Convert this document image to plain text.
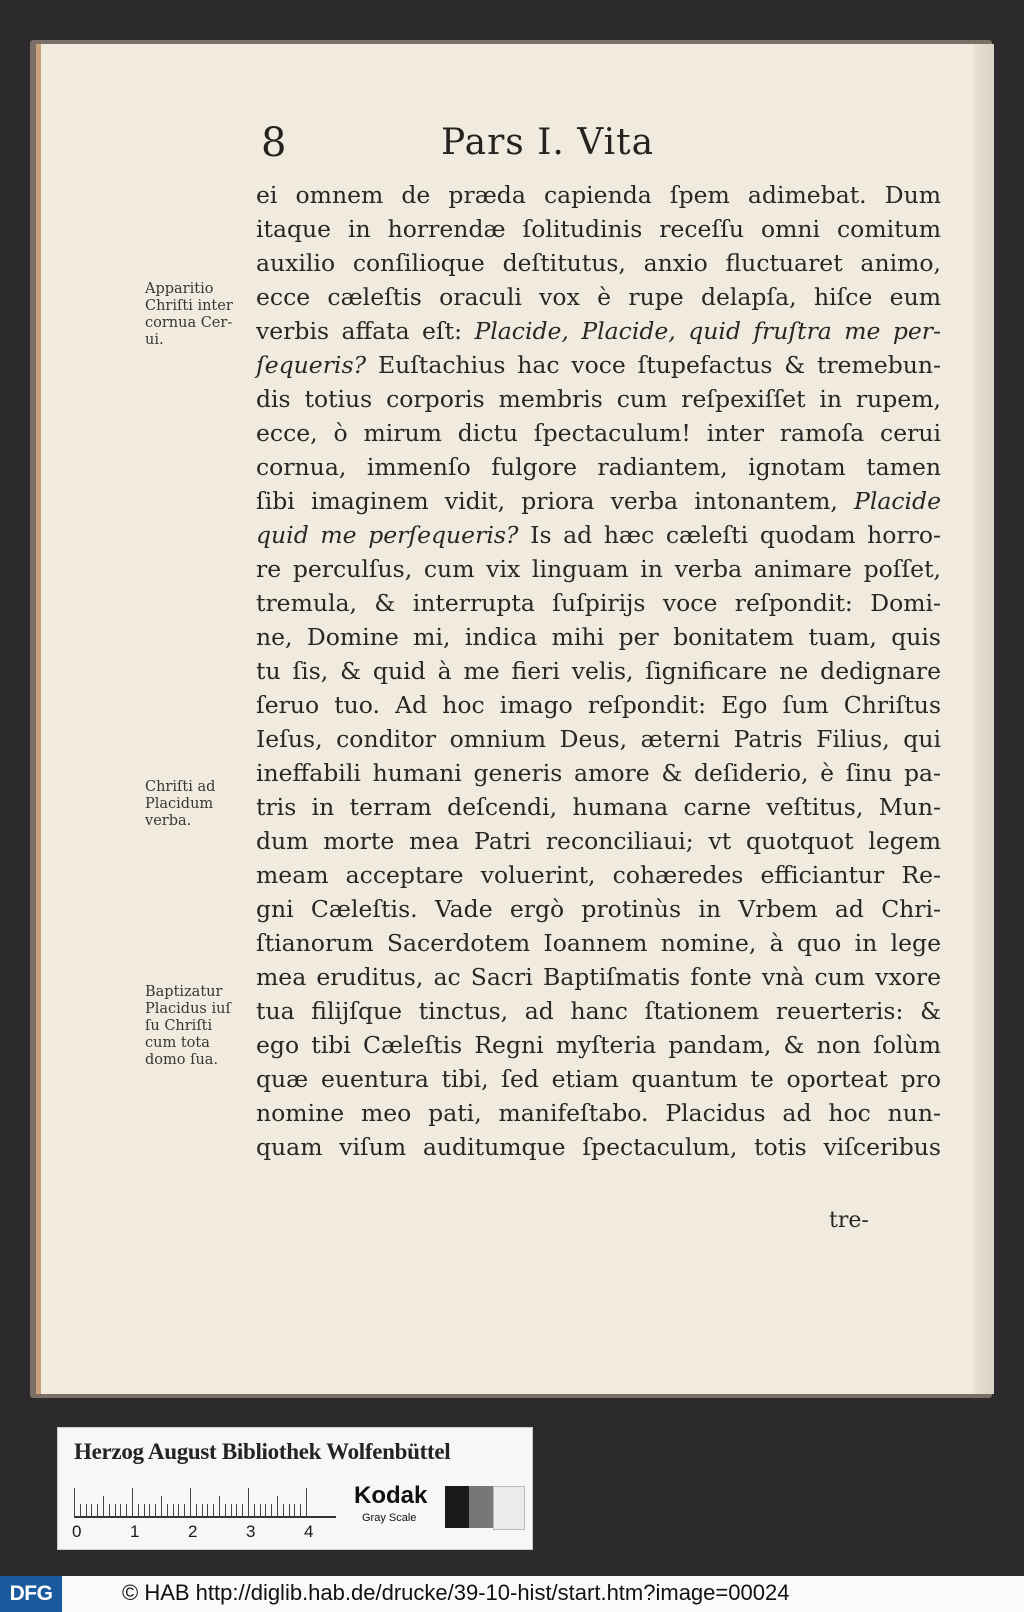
8	Pars I. Vita
Apparitio
Chriſti inter
cornua Cer-
ui.
Chriſti ad
Placidum
verba.
Baptizatur
Placidus iuſ
ſu Chriſti
cum tota
domo ſua.
ei omnem de præda capienda ſpem adimebat. Dum
itaque in horrendæ ſolitudinis receſſu omni comitum
auxilio conſilioque deſtitutus, anxio fluctuaret animo,
ecce cæleſtis oraculi vox è rupe delapſa, hiſce eum
verbis affata eſt: Placide, Placide, quid fruſtra me per-
ſequeris? Euſtachius hac voce ſtupefactus & tremebun-
dis totius corporis membris cum reſpexiſſet in rupem,
ecce, ò mirum dictu ſpectaculum! inter ramoſa cerui
cornua, immenſo fulgore radiantem, ignotam tamen
ſibi imaginem vidit, priora verba intonantem, Placide
quid me perſequeris? Is ad hæc cæleſti quodam horro-
re perculſus, cum vix linguam in verba animare poſſet,
tremula, & interrupta ſuſpirijs voce reſpondit: Domi-
ne, Domine mi, indica mihi per bonitatem tuam, quis
tu ſis, & quid à me fieri velis, ſignificare ne dedignare
ſeruo tuo. Ad hoc imago reſpondit: Ego ſum Chriſtus
Ieſus, conditor omnium Deus, æterni Patris Filius, qui
ineffabili humani generis amore & deſiderio, è ſinu pa-
tris in terram deſcendi, humana carne veſtitus, Mun-
dum morte mea Patri reconciliaui; vt quotquot legem
meam acceptare voluerint, cohæredes efficiantur Re-
gni Cæleſtis. Vade ergò protinùs in Vrbem ad Chri-
ſtianorum Sacerdotem Ioannem nomine, à quo in lege
mea eruditus, ac Sacri Baptiſmatis fonte vnà cum vxore
tua filijſque tinctus, ad hanc ſtationem reuerteris: &
ego tibi Cæleſtis Regni myſteria pandam, & non ſolùm
quæ euentura tibi, ſed etiam quantum te oporteat pro
nomine meo pati, manifeſtabo. Placidus ad hoc nun-
quam viſum auditumque ſpectaculum, totis viſceribus
tre-
Herzog August Bibliothek Wolfenbüttel
0	1	2	3	4
Kodak
Gray Scale
DFG	© HAB http://diglib.hab.de/drucke/39-10-hist/start.htm?image=00024
